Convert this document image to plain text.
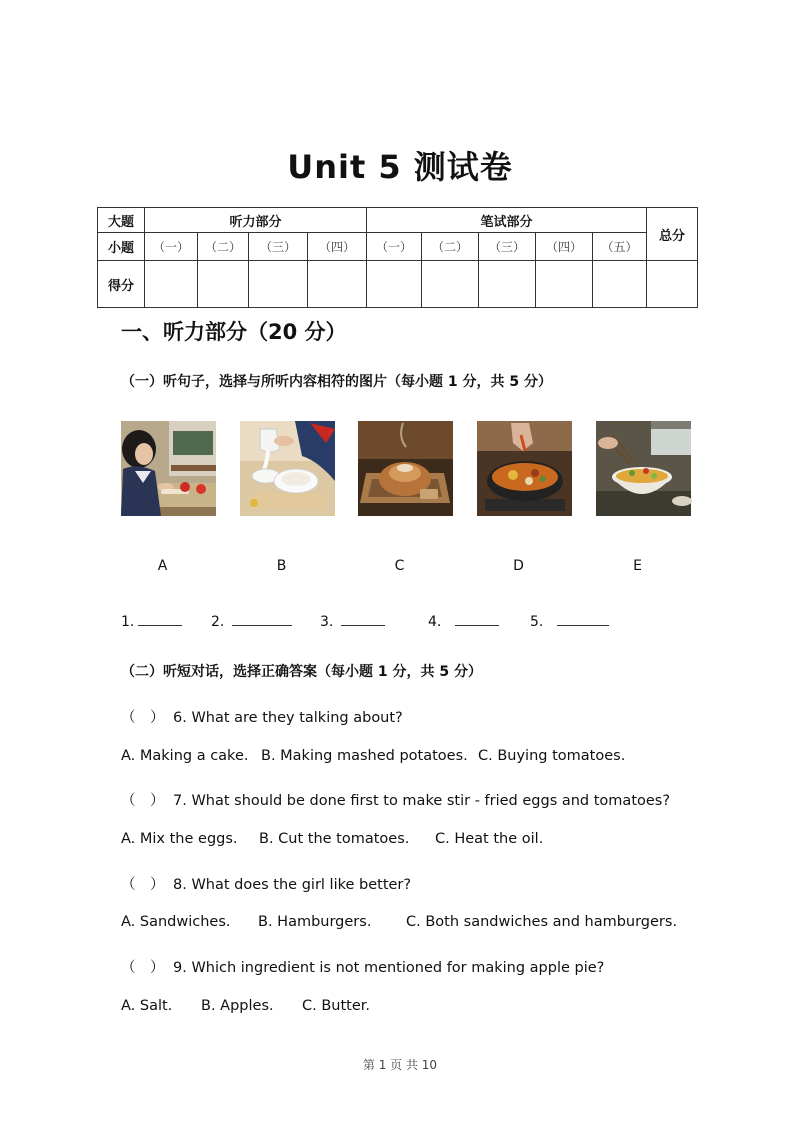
Unit 5 测试卷
大题	听力部分				笔试部分					总分
小题	（一）	（二）	（三）	（四）	（一）	（二）	（三）	（四）	（五）	
得分										
一、听力部分（20 分）
（一）听句子，选择与所听内容相符的图片（每小题 1 分，共 5 分）
A	B	C	D	E
1.	2.	3.	4.	5.
（二）听短对话，选择正确答案（每小题 1 分，共 5 分）
（　） 6. What are they talking about?
A. Making a cake. B. Making mashed potatoes. C. Buying tomatoes.
（　） 7. What should be done first to make stir - fried eggs and tomatoes?
A. Mix the eggs. B. Cut the tomatoes. C. Heat the oil.
（　） 8. What does the girl like better?
A. Sandwiches. B. Hamburgers. C. Both sandwiches and hamburgers.
（　） 9. Which ingredient is not mentioned for making apple pie?
A. Salt. B. Apples. C. Butter.
第 1 页 共 10
